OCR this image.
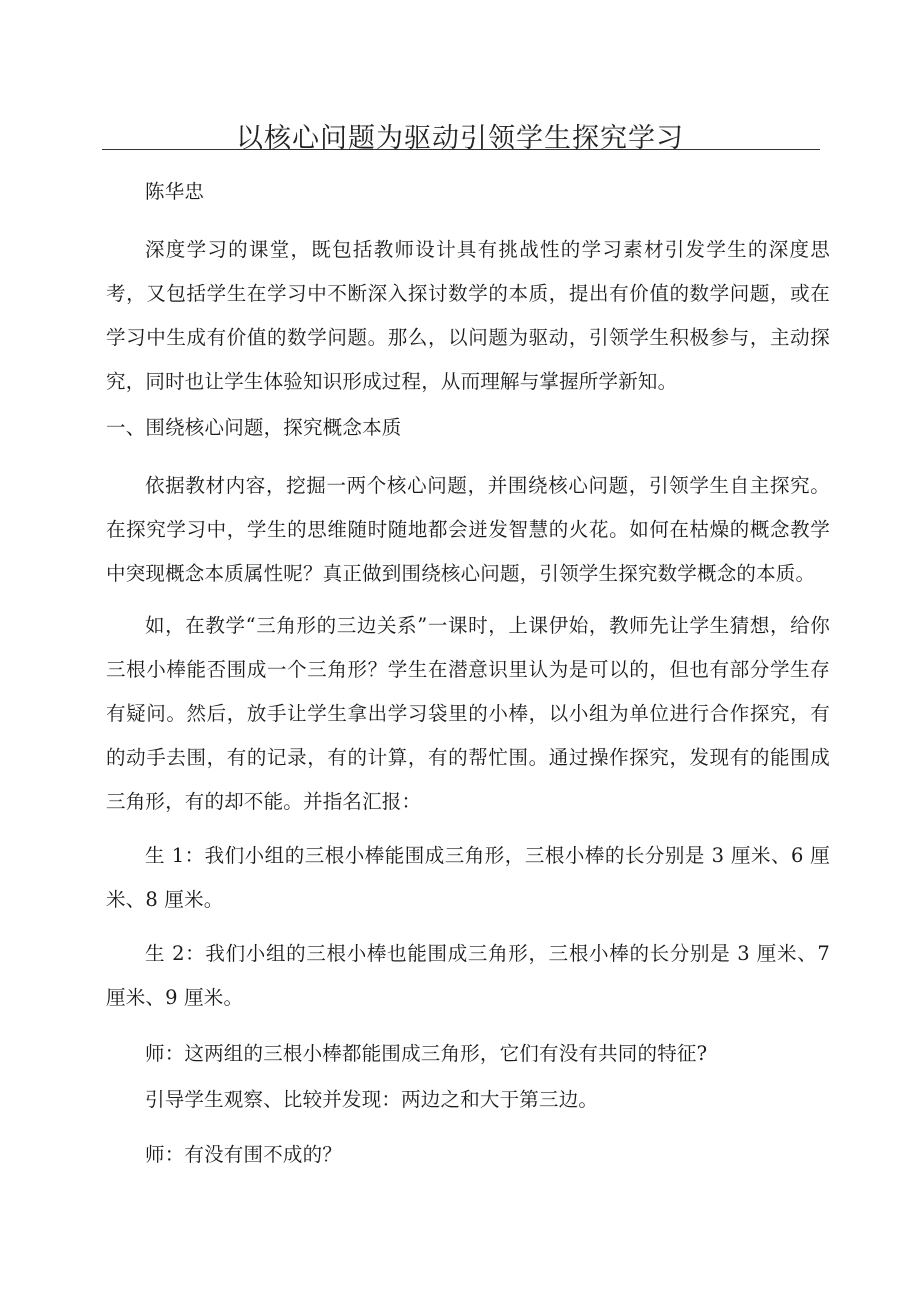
以核心问题为驱动引领学生探究学习

陈华忠

深度学习的课堂，既包括教师设计具有挑战性的学习素材引发学生的深度思考，又包括学生在学习中不断深入探讨数学的本质，提出有价值的数学问题，或在学习中生成有价值的数学问题。那么，以问题为驱动，引领学生积极参与，主动探究，同时也让学生体验知识形成过程，从而理解与掌握所学新知。

一、围绕核心问题，探究概念本质

依据教材内容，挖掘一两个核心问题，并围绕核心问题，引领学生自主探究。在探究学习中，学生的思维随时随地都会迸发智慧的火花。如何在枯燥的概念教学中突现概念本质属性呢？真正做到围绕核心问题，引领学生探究数学概念的本质。

如，在教学“三角形的三边关系”一课时，上课伊始，教师先让学生猜想，给你三根小棒能否围成一个三角形？学生在潜意识里认为是可以的，但也有部分学生存有疑问。然后，放手让学生拿出学习袋里的小棒，以小组为单位进行合作探究，有的动手去围，有的记录，有的计算，有的帮忙围。通过操作探究，发现有的能围成三角形，有的却不能。并指名汇报：

生 1：我们小组的三根小棒能围成三角形，三根小棒的长分别是 3 厘米、6 厘米、8 厘米。

生 2：我们小组的三根小棒也能围成三角形，三根小棒的长分别是 3 厘米、7 厘米、9 厘米。

师：这两组的三根小棒都能围成三角形，它们有没有共同的特征?

引导学生观察、比较并发现：两边之和大于第三边。

师：有没有围不成的？
